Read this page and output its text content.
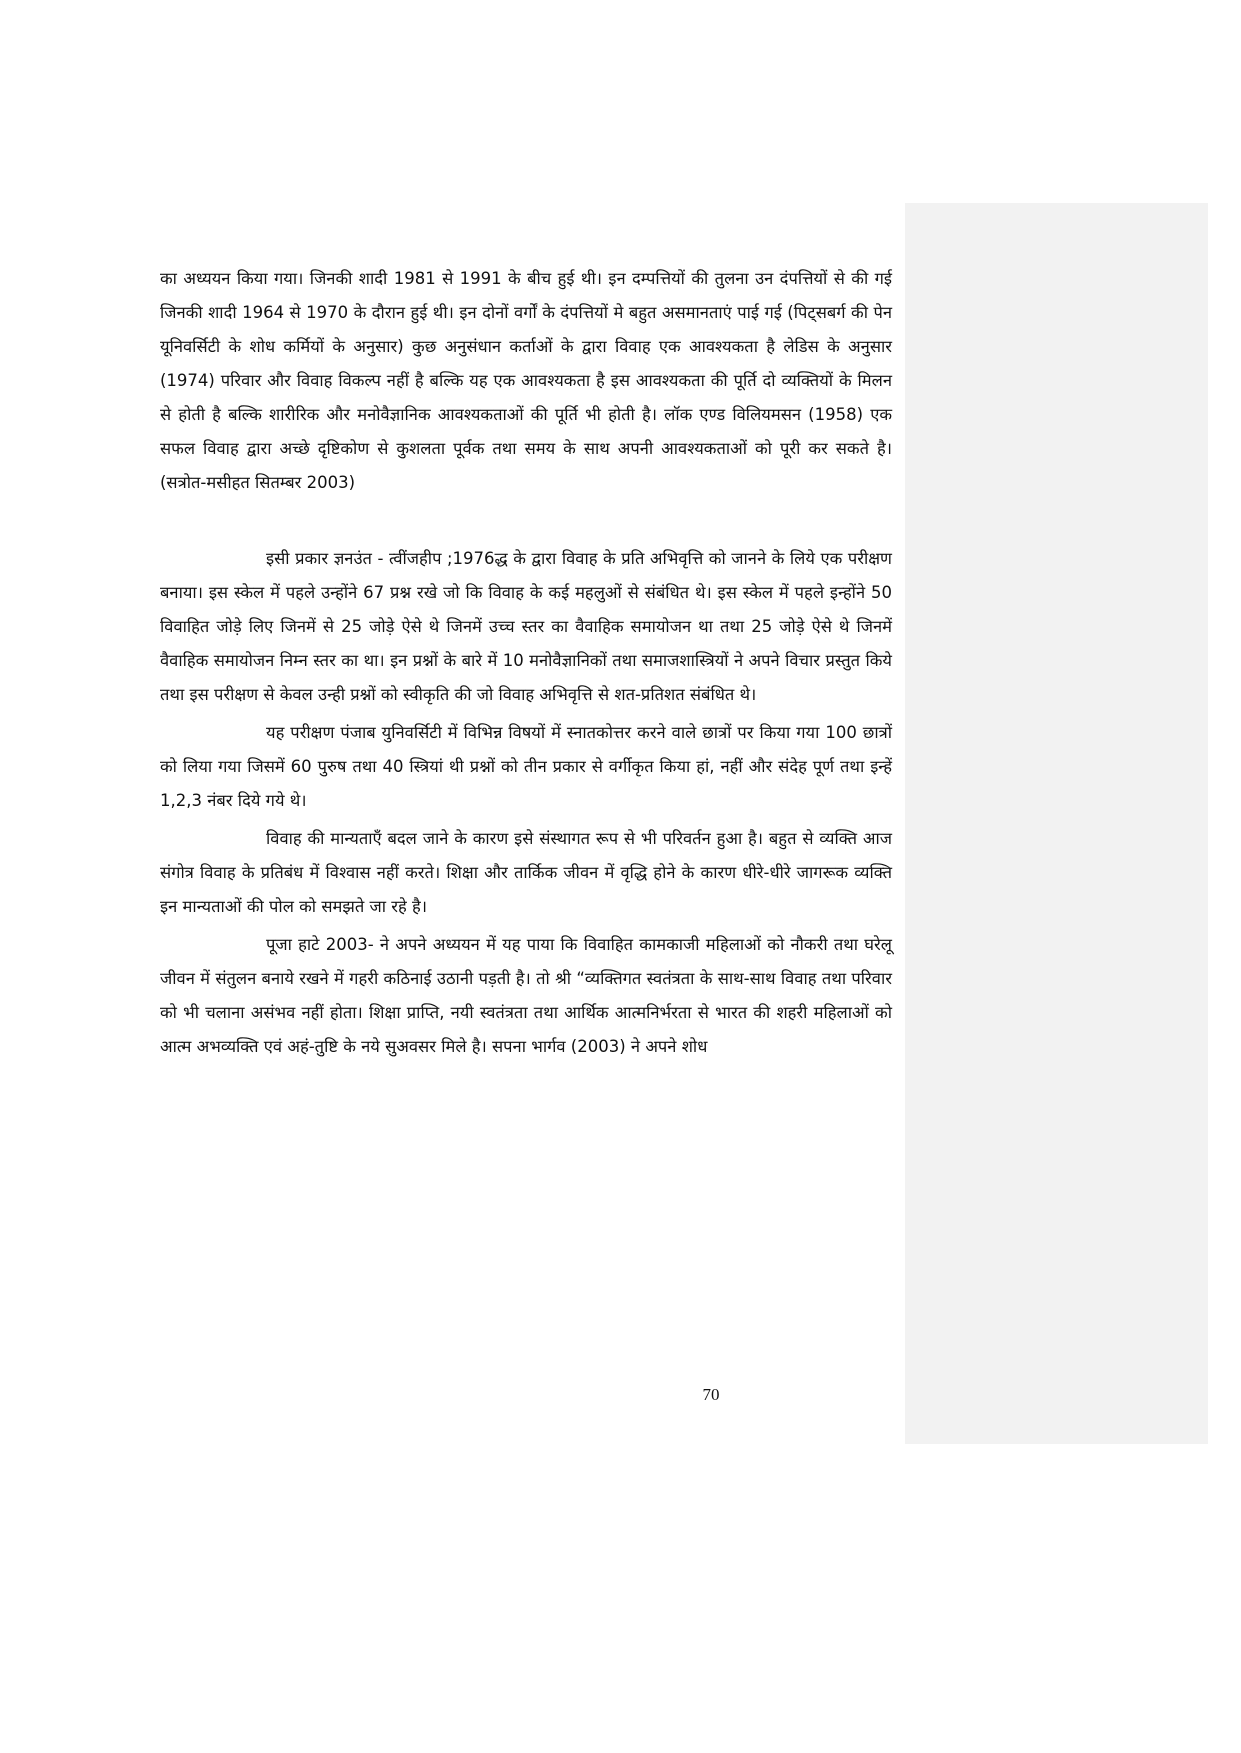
का अध्ययन किया गया। जिनकी शादी 1981 से 1991 के बीच हुई थी। इन दम्पत्तियों की तुलना उन दंपत्तियों से की गई जिनकी शादी 1964 से 1970 के दौरान हुई थी। इन दोनों वर्गों के दंपत्तियों मे बहुत असमानताएं पाई गई (पिट्सबर्ग की पेन यूनिवर्सिटी के शोध कर्मियों के अनुसार) कुछ अनुसंधान कर्ताओं के द्वारा विवाह एक आवश्यकता है लेडिस के अनुसार (1974) परिवार और विवाह विकल्प नहीं है बल्कि यह एक आवश्यकता है इस आवश्यकता की पूर्ति दो व्यक्तियों के मिलन से होती है बल्कि शारीरिक और मनोवैज्ञानिक आवश्यकताओं की पूर्ति भी होती है। लॉक एण्ड विलियमसन (1958) एक सफल विवाह द्वारा अच्छे दृष्टिकोण से कुशलता पूर्वक तथा समय के साथ अपनी आवश्यकताओं को पूरी कर सकते है। (सत्रोत-मसीहत सितम्बर 2003)

इसी प्रकार ज्ञनउंत - त्वींजहीप ;1976द्ध के द्वारा विवाह के प्रति अभिवृत्ति को जानने के लिये एक परीक्षण बनाया। इस स्केल में पहले उन्होंने 67 प्रश्न रखे जो कि विवाह के कई महलुओं से संबंधित थे। इस स्केल में पहले इन्होंने 50 विवाहित जोड़े लिए जिनमें से 25 जोड़े ऐसे थे जिनमें उच्च स्तर का वैवाहिक समायोजन था तथा 25 जोड़े ऐसे थे जिनमें वैवाहिक समायोजन निम्न स्तर का था। इन प्रश्नों के बारे में 10 मनोवैज्ञानिकों तथा समाजशास्त्रियों ने अपने विचार प्रस्तुत किये तथा इस परीक्षण से केवल उन्ही प्रश्नों को स्वीकृति की जो विवाह अभिवृत्ति से शत-प्रतिशत संबंधित थे।

यह परीक्षण पंजाब युनिवर्सिटी में विभिन्न विषयों में स्नातकोत्तर करने वाले छात्रों पर किया गया 100 छात्रों को लिया गया जिसमें 60 पुरुष तथा 40 स्त्रियां थी प्रश्नों को तीन प्रकार से वर्गीकृत किया हां, नहीं और संदेह पूर्ण तथा इन्हें 1,2,3 नंबर दिये गये थे।

विवाह की मान्यताएँ बदल जाने के कारण इसे संस्थागत रूप से भी परिवर्तन हुआ है। बहुत से व्यक्ति आज संगोत्र विवाह के प्रतिबंध में विश्वास नहीं करते। शिक्षा और तार्किक जीवन में वृद्धि होने के कारण धीरे-धीरे जागरूक व्यक्ति इन मान्यताओं की पोल को समझते जा रहे है।

पूजा हाटे 2003- ने अपने अध्ययन में यह पाया कि विवाहित कामकाजी महिलाओं को नौकरी तथा घरेलू जीवन में संतुलन बनाये रखने में गहरी कठिनाई उठानी पड़ती है। तो श्री “व्यक्तिगत स्वतंत्रता के साथ-साथ विवाह तथा परिवार को भी चलाना असंभव नहीं होता। शिक्षा प्राप्ति, नयी स्वतंत्रता तथा आर्थिक आत्मनिर्भरता से भारत की शहरी महिलाओं को आत्म अभव्यक्ति एवं अहं-तुष्टि के नये सुअवसर मिले है। सपना भार्गव (2003) ने अपने शोध

70
